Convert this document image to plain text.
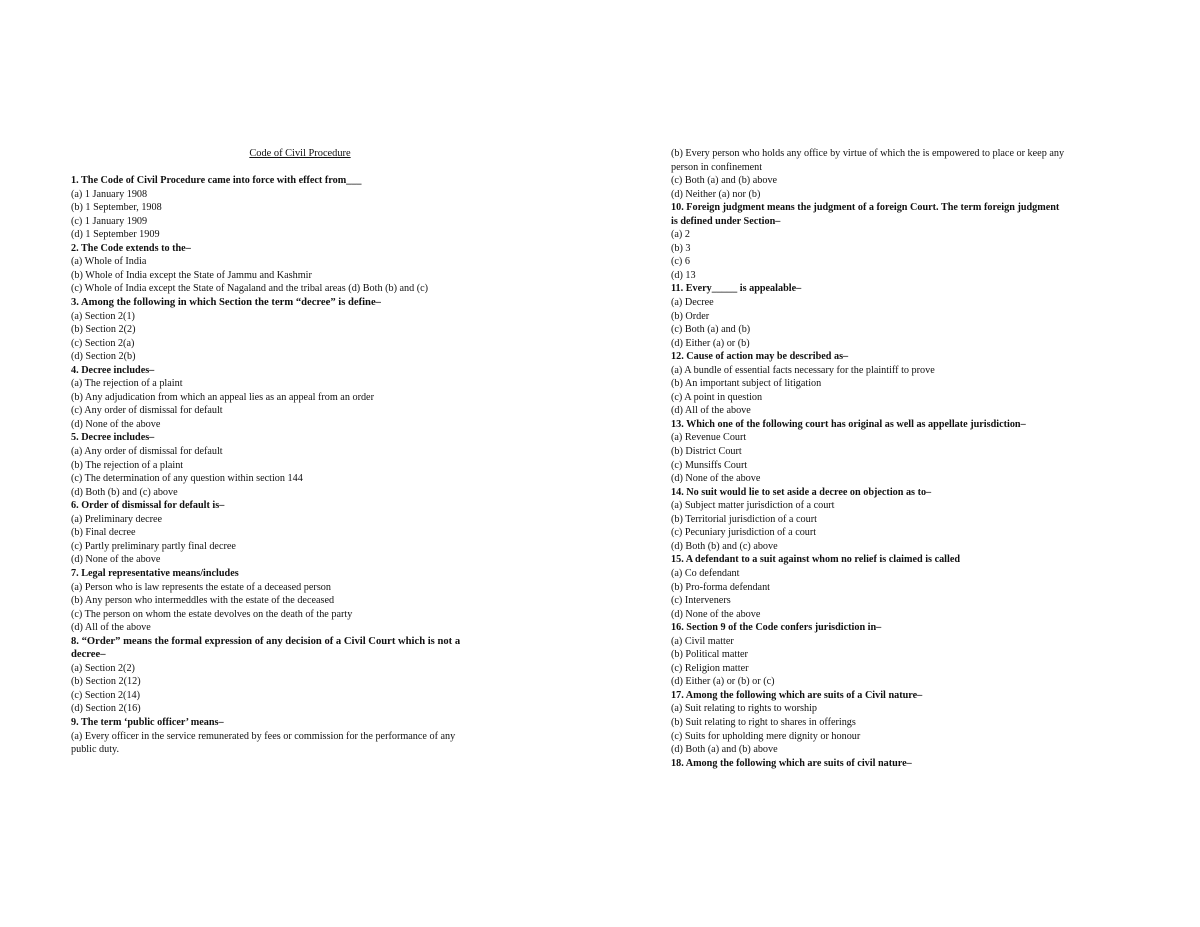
Code of Civil Procedure
1. The Code of Civil Procedure came into force with effect from___
(a) 1 January 1908
(b) 1 September, 1908
(c) 1 January 1909
(d) 1 September 1909
2. The Code extends to the–
(a) Whole of India
(b) Whole of India except the State of Jammu and Kashmir
(c) Whole of India except the State of Nagaland and the tribal areas (d) Both (b) and (c)
3. Among the following in which Section the term “decree” is define–
(a) Section 2(1)
(b) Section 2(2)
(c) Section 2(a)
(d) Section 2(b)
4. Decree includes–
(a) The rejection of a plaint
(b) Any adjudication from which an appeal lies as an appeal from an order
(c) Any order of dismissal for default
(d) None of the above
5. Decree includes–
(a) Any order of dismissal for default
(b) The rejection of a plaint
(c) The determination of any question within section 144
(d) Both (b) and (c) above
6. Order of dismissal for default is–
(a) Preliminary decree
(b) Final decree
(c) Partly preliminary partly final decree
(d) None of the above
7. Legal representative means/includes
(a) Person who is law represents the estate of a deceased person
(b) Any person who intermeddles with the estate of the deceased
(c) The person on whom the estate devolves on the death of the party
(d) All of the above
8. “Order” means the formal expression of any decision of a Civil Court which is not a
decree–
(a) Section 2(2)
(b) Section 2(12)
(c) Section 2(14)
(d) Section 2(16)
9. The term ‘public officer’ means–
(a) Every officer in the service remunerated by fees or commission for the performance of any
public duty.
(b) Every person who holds any office by virtue of which the is empowered to place or keep any
person in confinement
(c) Both (a) and (b) above
(d) Neither (a) nor (b)
10. Foreign judgment means the judgment of a foreign Court. The term foreign judgment
is defined under Section–
(a) 2
(b) 3
(c) 6
(d) 13
11. Every_____ is appealable–
(a) Decree
(b) Order
(c) Both (a) and (b)
(d) Either (a) or (b)
12. Cause of action may be described as–
(a) A bundle of essential facts necessary for the plaintiff to prove
(b) An important subject of litigation
(c) A point in question
(d) All of the above
13. Which one of the following court has original as well as appellate jurisdiction–
(a) Revenue Court
(b) District Court
(c) Munsiffs Court
(d) None of the above
14. No suit would lie to set aside a decree on objection as to–
(a) Subject matter jurisdiction of a court
(b) Territorial jurisdiction of a court
(c) Pecuniary jurisdiction of a court
(d) Both (b) and (c) above
15. A defendant to a suit against whom no relief is claimed is called
(a) Co defendant
(b) Pro-forma defendant
(c) Interveners
(d) None of the above
16. Section 9 of the Code confers jurisdiction in–
(a) Civil matter
(b) Political matter
(c) Religion matter
(d) Either (a) or (b) or (c)
17. Among the following which are suits of a Civil nature–
(a) Suit relating to rights to worship
(b) Suit relating to right to shares in offerings
(c) Suits for upholding mere dignity or honour
(d) Both (a) and (b) above
18. Among the following which are suits of civil nature–
